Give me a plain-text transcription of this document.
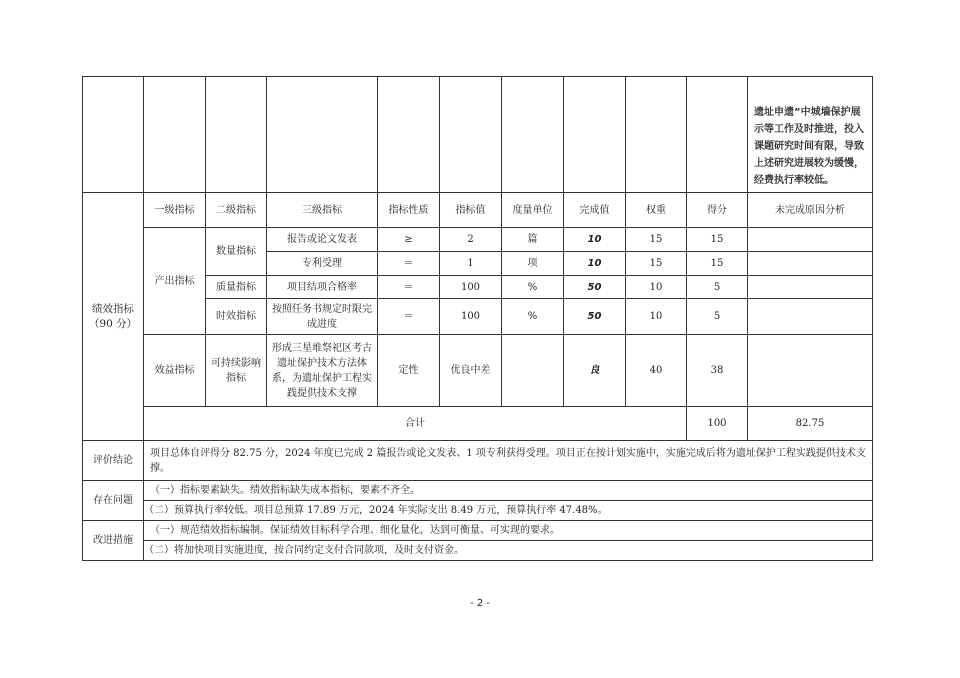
										遗址申遗”中城墙保护展示等工作及时推进，投入课题研究时间有限，导致上述研究进展较为缓慢，经费执行率较低。	
绩效指标
（90 分）	一级指标	二级指标	三级指标	指标性质	指标值	度量单位	完成值	权重	得分	未完成原因分析	
	产出指标	数量指标	报告或论文发表	≥	2	篇	10	15	15		
			专利受理	＝	1	项	10	15	15		
		质量指标	项目结项合格率	＝	100	%	50	10	5		
		时效指标	按照任务书规定时限完成进度	＝	100	%	50	10	5		
	效益指标	可持续影响指标	形成三星堆祭祀区考古遗址保护技术方法体系，为遗址保护工程实践提供技术支撑	定性	优良中差		良	40	38		
	合计								100	82.75	
评价结论	项目总体自评得分 82.75 分，2024 年度已完成 2 篇报告或论文发表、1 项专利获得受理。项目正在按计划实施中，实施完成后将为遗址保护工程实践提供技术支撑。										
存在问题	（一）指标要素缺失。绩效指标缺失成本指标，要素不齐全。
（二）预算执行率较低。项目总预算 17.89 万元，2024 年实际支出 8.49 万元，预算执行率 47.48%。										

改进措施	（一）规范绩效指标编制。保证绩效目标科学合理、细化量化，达到可衡量、可实现的要求。
（二）将加快项目实施进度，按合同约定支付合同款项，及时支付资金。										
- 2 -
